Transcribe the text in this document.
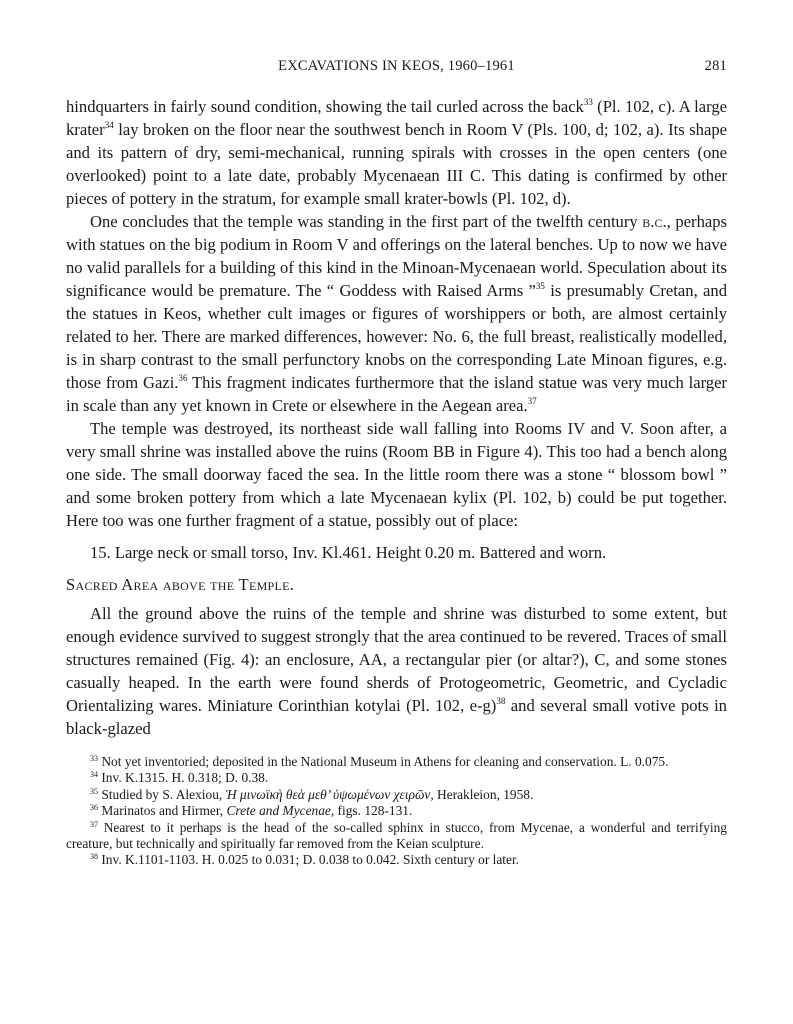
EXCAVATIONS IN KEOS, 1960–1961	281

hindquarters in fairly sound condition, showing the tail curled across the back$^{33}$ (Pl. 102, c). A large krater$^{34}$ lay broken on the floor near the southwest bench in Room V (Pls. 100, d; 102, a). Its shape and its pattern of dry, semi-mechanical, running spirals with crosses in the open centers (one overlooked) point to a late date, probably Mycenaean III C. This dating is confirmed by other pieces of pottery in the stratum, for example small krater-bowls (Pl. 102, d).

One concludes that the temple was standing in the first part of the twelfth century b.c., perhaps with statues on the big podium in Room V and offerings on the lateral benches. Up to now we have no valid parallels for a building of this kind in the Minoan-Mycenaean world. Speculation about its significance would be premature. The “ Goddess with Raised Arms ”$^{35}$ is presumably Cretan, and the statues in Keos, whether cult images or figures of worshippers or both, are almost certainly related to her. There are marked differences, however: No. 6, the full breast, realistically modelled, is in sharp contrast to the small perfunctory knobs on the corresponding Late Minoan figures, e.g. those from Gazi.$^{36}$ This fragment indicates furthermore that the island statue was very much larger in scale than any yet known in Crete or elsewhere in the Aegean area.$^{37}$

The temple was destroyed, its northeast side wall falling into Rooms IV and V. Soon after, a very small shrine was installed above the ruins (Room BB in Figure 4). This too had a bench along one side. The small doorway faced the sea. In the little room there was a stone “ blossom bowl ” and some broken pottery from which a late Mycenaean kylix (Pl. 102, b) could be put together. Here too was one further fragment of a statue, possibly out of place:

15. Large neck or small torso, Inv. Kl.461. Height 0.20 m. Battered and worn.

Sacred Area above the Temple.

All the ground above the ruins of the temple and shrine was disturbed to some extent, but enough evidence survived to suggest strongly that the area continued to be revered. Traces of small structures remained (Fig. 4): an enclosure, AA, a rectangular pier (or altar?), C, and some stones casually heaped. In the earth were found sherds of Protogeometric, Geometric, and Cycladic Orientalizing wares. Miniature Corinthian kotylai (Pl. 102, e-g)$^{38}$ and several small votive pots in black-glazed

$^{33}$ Not yet inventoried; deposited in the National Museum in Athens for cleaning and conservation. L. 0.075.

$^{34}$ Inv. K.1315. H. 0.318; D. 0.38.

$^{35}$ Studied by S. Alexiou, Ἡ μινωϊκὴ θεὰ μεθ’ ὑψωμένων χειρῶν, Herakleion, 1958.

$^{36}$ Marinatos and Hirmer, Crete and Mycenae, figs. 128-131.

$^{37}$ Nearest to it perhaps is the head of the so-called sphinx in stucco, from Mycenae, a wonderful and terrifying creature, but technically and spiritually far removed from the Keian sculpture.

$^{38}$ Inv. K.1101-1103. H. 0.025 to 0.031; D. 0.038 to 0.042. Sixth century or later.
